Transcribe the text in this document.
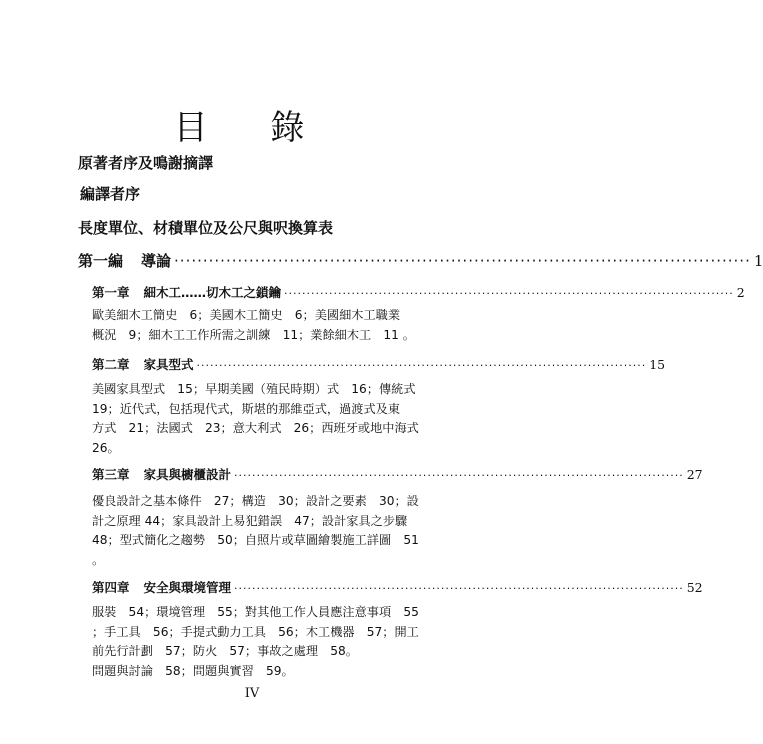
目 錄
原著者序及鳴謝摘譯
編譯者序
長度單位、材積單位及公尺與呎換算表
第一編 導論 ···································································································· 1
第一章 細木工……切木工之鎖鑰 ···································································································· 2
歐美細木工簡史　6；美國木工簡史　6；美國細木工職業
概況　9；細木工工作所需之訓練　11；業餘細木工　11 。
第二章 家具型式 ···································································································· 15
美國家具型式　15；早期美國（殖民時期）式　16；傳統式
19；近代式，包括現代式，斯堪的那維亞式，過渡式及東
方式　21；法國式　23；意大利式　26；西班牙或地中海式
26。
第三章 家具與櫥櫃設計 ···································································································· 27
優良設計之基本條件　27；構造　30；設計之要素　30；設
計之原理 44；家具設計上易犯錯誤　47；設計家具之步驟
48；型式簡化之趨勢　50；自照片或草圖繪製施工詳圖　51
。
第四章 安全與環境管理 ···································································································· 52
服裝　54；環境管理　55；對其他工作人員應注意事項　55
；手工具　56；手提式動力工具　56；木工機器　57；開工
前先行計劃　57；防火　57；事故之處理　58。
問題與討論　58；問題與實習　59。
IV
